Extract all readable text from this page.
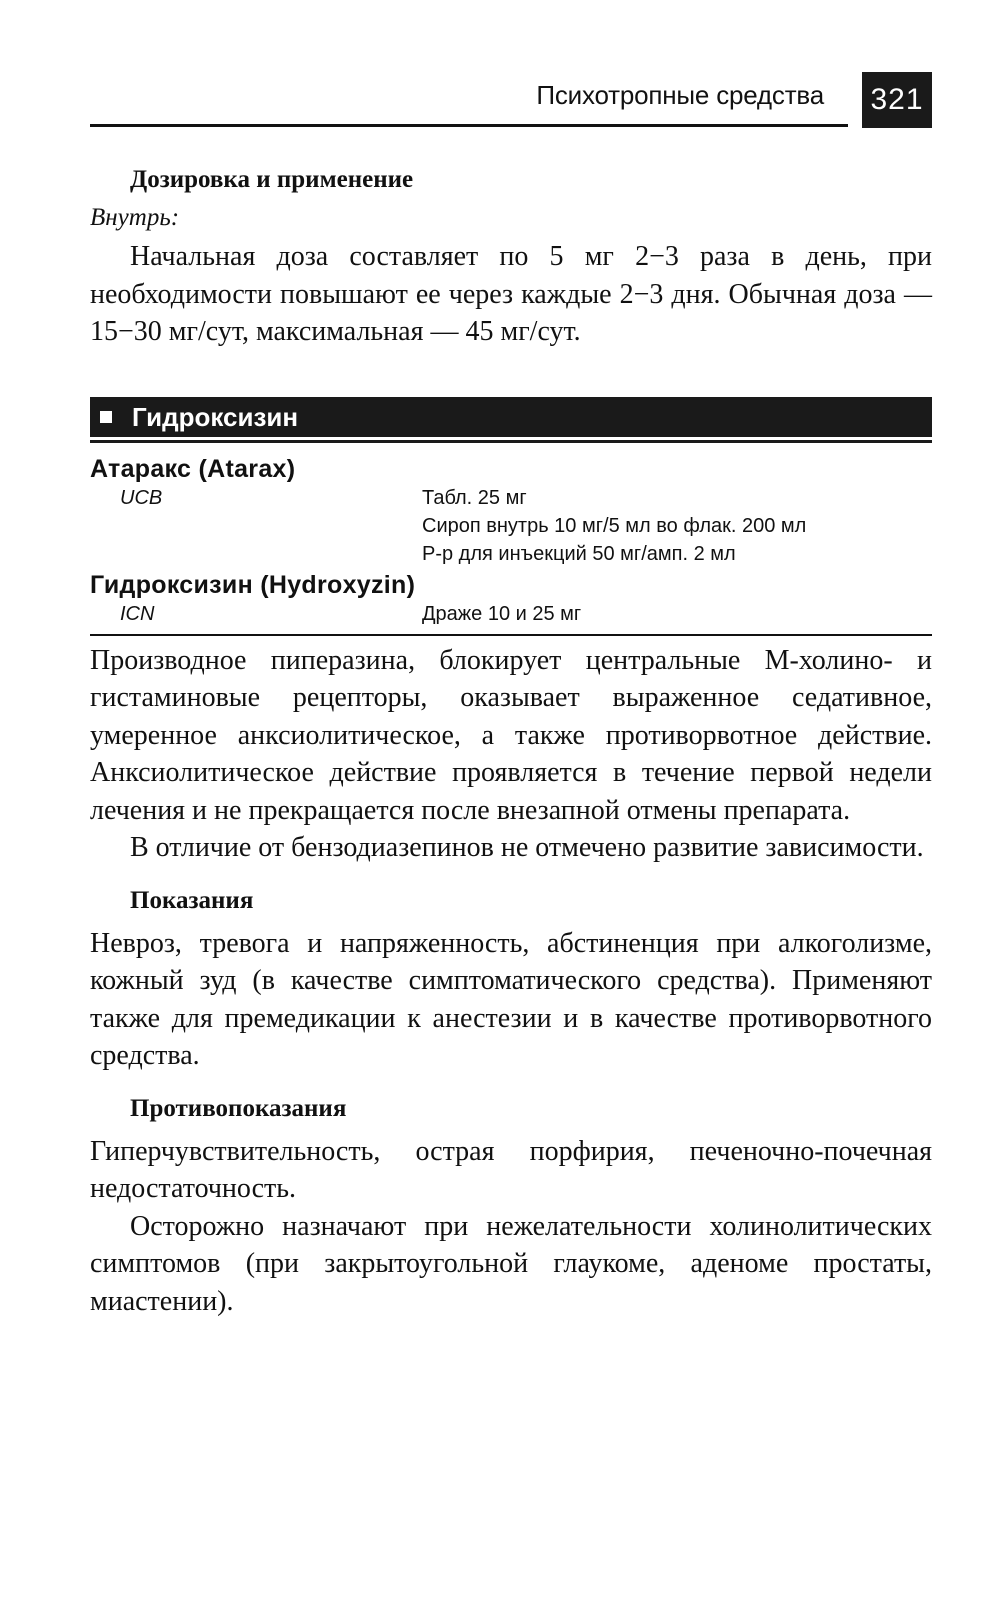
Психотропные средства 321
Дозировка и применение
Внутрь:

Начальная доза составляет по 5 мг 2−3 раза в день, при необходимости повышают ее через каждые 2−3 дня. Обычная доза — 15−30 мг/сут, максимальная — 45 мг/сут.

Гидроксизин
Атаракс (Atarax)
UCB	Табл. 25 мг
Сироп внутрь 10 мг/5 мл во флак. 200 мл
Р-р для инъекций 50 мг/амп. 2 мл
Гидроксизин (Hydroxyzin)
ICN	Драже 10 и 25 мг

Производное пиперазина, блокирует центральные М-холино- и гистаминовые рецепторы, оказывает выраженное седативное, умеренное анксиолитическое, а также противорвотное действие. Анксиолитическое действие проявляется в течение первой недели лечения и не прекращается после внезапной отмены препарата.

В отличие от бензодиазепинов не отмечено развитие зависимости.

Показания

Невроз, тревога и напряженность, абстиненция при алкоголизме, кожный зуд (в качестве симптоматического средства). Применяют также для премедикации к анестезии и в качестве противорвотного средства.

Противопоказания

Гиперчувствительность, острая порфирия, печеночно-почечная недостаточность.

Осторожно назначают при нежелательности холинолитических симптомов (при закрытоугольной глаукоме, аденоме простаты, миастении).
